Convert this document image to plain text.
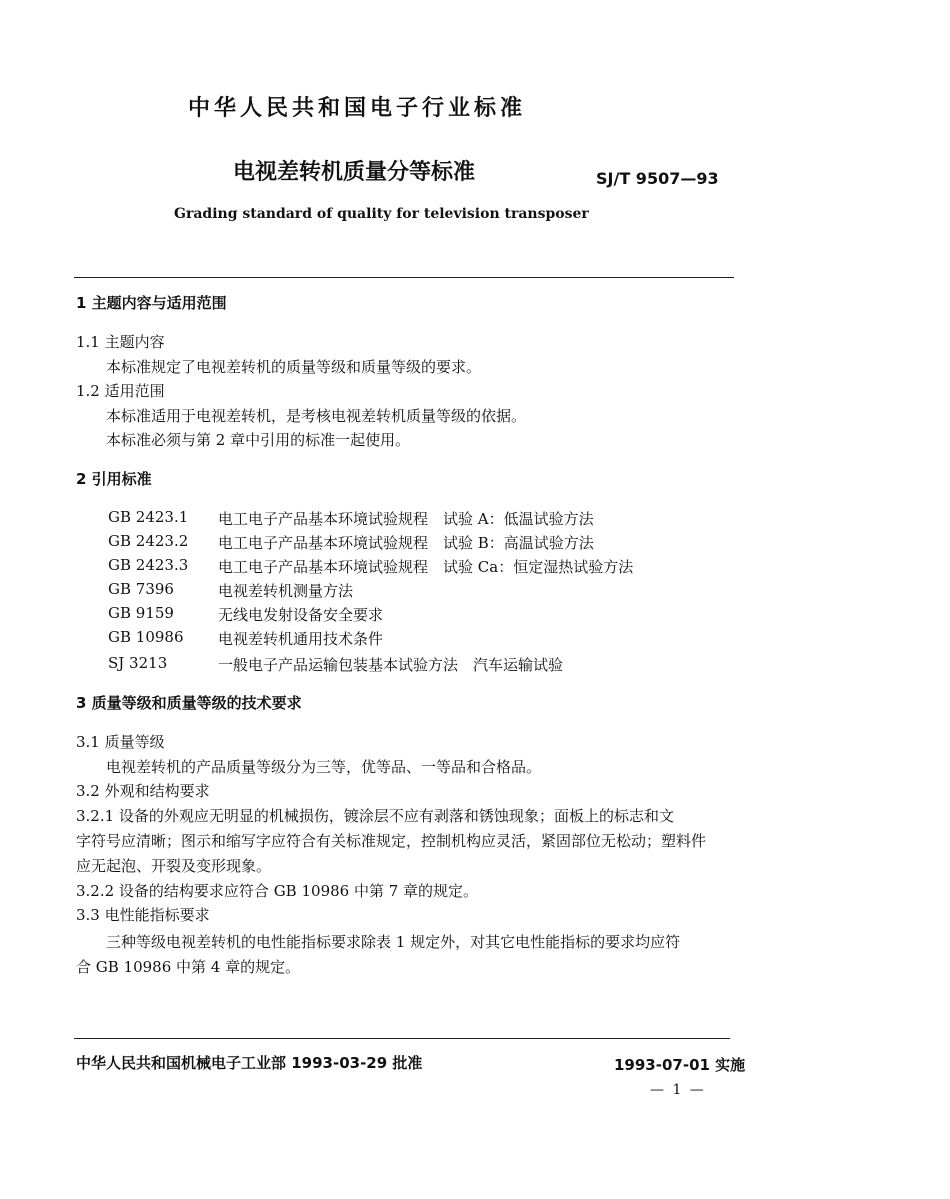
中华人民共和国电子行业标准
电视差转机质量分等标准	SJ/T 9507—93
Grading standard of quality for television transposer
1 主题内容与适用范围
1.1 主题内容
本标准规定了电视差转机的质量等级和质量等级的要求。
1.2 适用范围
本标准适用于电视差转机，是考核电视差转机质量等级的依据。
本标准必须与第 2 章中引用的标准一起使用。
2 引用标准
GB 2423.1 电工电子产品基本环境试验规程　试验 A：低温试验方法
GB 2423.2 电工电子产品基本环境试验规程　试验 B：高温试验方法
GB 2423.3 电工电子产品基本环境试验规程　试验 Ca：恒定湿热试验方法
GB 7396	电视差转机测量方法
GB 9159	无线电发射设备安全要求
GB 10986 电视差转机通用技术条件
SJ 3213	一般电子产品运输包装基本试验方法　汽车运输试验
3 质量等级和质量等级的技术要求
3.1 质量等级
电视差转机的产品质量等级分为三等，优等品、一等品和合格品。
3.2 外观和结构要求
3.2.1 设备的外观应无明显的机械损伤，镀涂层不应有剥落和锈蚀现象；面板上的标志和文
字符号应清晰；图示和缩写字应符合有关标准规定，控制机构应灵活，紧固部位无松动；塑料件
应无起泡、开裂及变形现象。
3.2.2 设备的结构要求应符合 GB 10986 中第 7 章的规定。
3.3 电性能指标要求
三种等级电视差转机的电性能指标要求除表 1 规定外，对其它电性能指标的要求均应符
合 GB 10986 中第 4 章的规定。
中华人民共和国机械电子工业部 1993-03-29 批准	1993-07-01 实施
— 1 —
